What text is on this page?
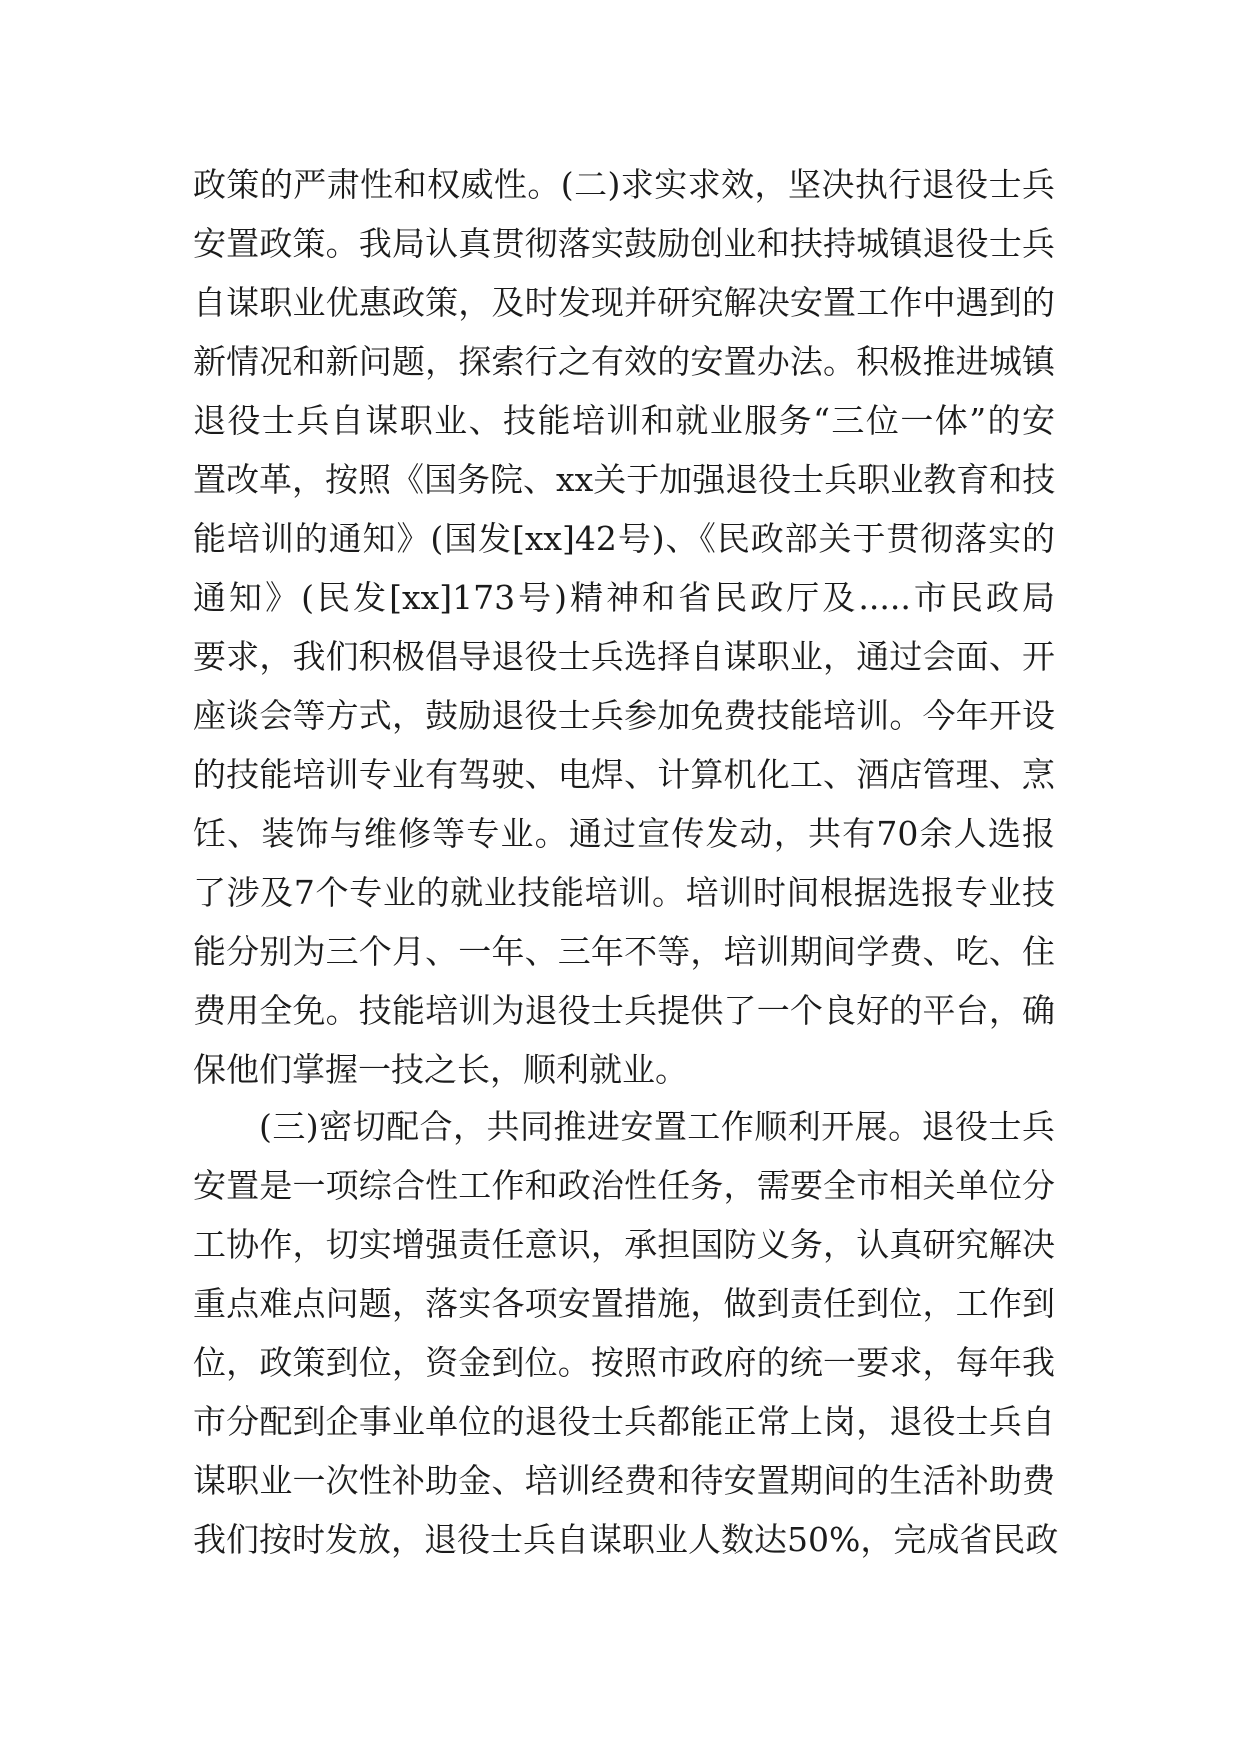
政策的严肃性和权威性。(二)求实求效，坚决执行退役士兵
安置政策。我局认真贯彻落实鼓励创业和扶持城镇退役士兵
自谋职业优惠政策，及时发现并研究解决安置工作中遇到的
新情况和新问题，探索行之有效的安置办法。积极推进城镇
退役士兵自谋职业、技能培训和就业服务“三位一体”的安
置改革，按照《国务院、xx关于加强退役士兵职业教育和技
能培训的通知》(国发[xx]42号)、《民政部关于贯彻落实的
通知》(民发[xx]173号)精神和省民政厅及.....市民政局
要求，我们积极倡导退役士兵选择自谋职业，通过会面、开
座谈会等方式，鼓励退役士兵参加免费技能培训。今年开设
的技能培训专业有驾驶、电焊、计算机化工、酒店管理、烹
饪、装饰与维修等专业。通过宣传发动，共有70余人选报
了涉及7个专业的就业技能培训。培训时间根据选报专业技
能分别为三个月、一年、三年不等，培训期间学费、吃、住
费用全免。技能培训为退役士兵提供了一个良好的平台，确
保他们掌握一技之长，顺利就业。
(三)密切配合，共同推进安置工作顺利开展。退役士兵
安置是一项综合性工作和政治性任务，需要全市相关单位分
工协作，切实增强责任意识，承担国防义务，认真研究解决
重点难点问题，落实各项安置措施，做到责任到位，工作到
位，政策到位，资金到位。按照市政府的统一要求，每年我
市分配到企事业单位的退役士兵都能正常上岗，退役士兵自
谋职业一次性补助金、培训经费和待安置期间的生活补助费
我们按时发放，退役士兵自谋职业人数达50%，完成省民政
